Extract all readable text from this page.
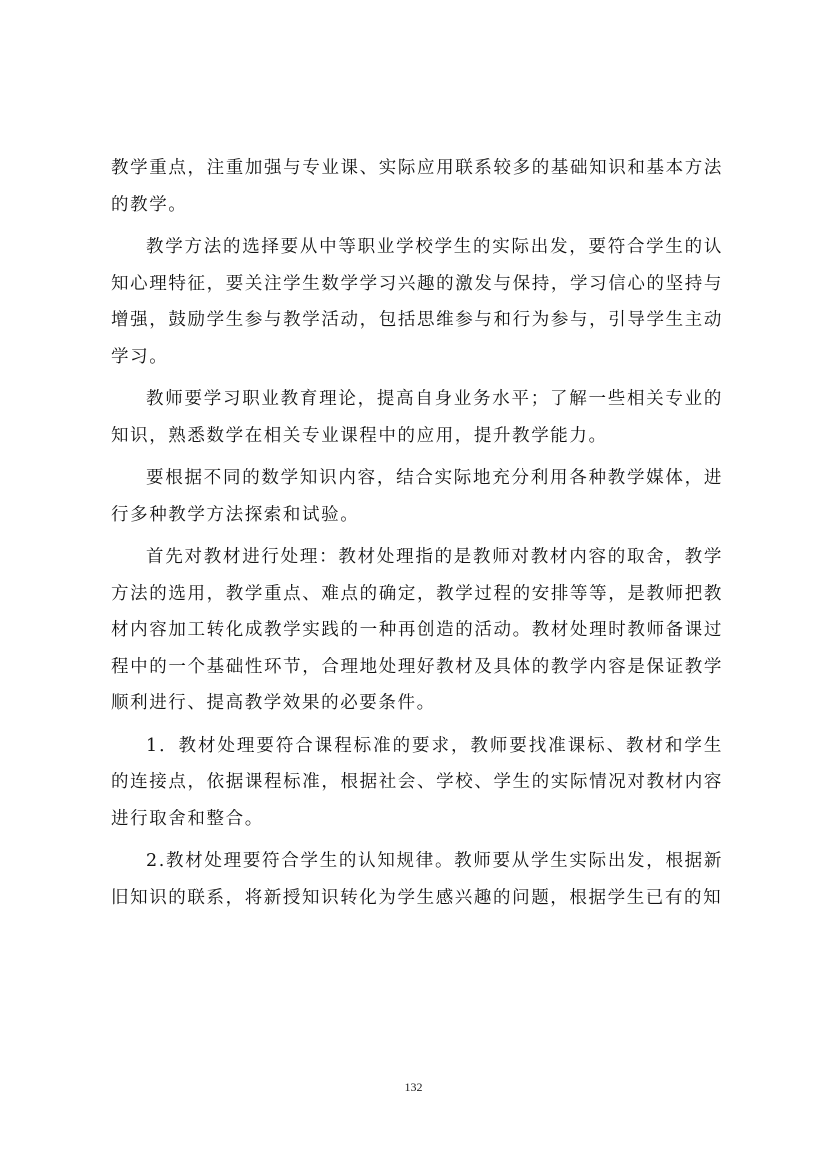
教学重点，注重加强与专业课、实际应用联系较多的基础知识和基本方法的教学。

教学方法的选择要从中等职业学校学生的实际出发，要符合学生的认知心理特征，要关注学生数学学习兴趣的激发与保持，学习信心的坚持与增强，鼓励学生参与教学活动，包括思维参与和行为参与，引导学生主动学习。

教师要学习职业教育理论，提高自身业务水平；了解一些相关专业的知识，熟悉数学在相关专业课程中的应用，提升教学能力。

要根据不同的数学知识内容，结合实际地充分利用各种教学媒体，进行多种教学方法探索和试验。

首先对教材进行处理：教材处理指的是教师对教材内容的取舍，教学方法的选用，教学重点、难点的确定，教学过程的安排等等，是教师把教材内容加工转化成教学实践的一种再创造的活动。教材处理时教师备课过程中的一个基础性环节，合理地处理好教材及具体的教学内容是保证教学顺利进行、提高教学效果的必要条件。

1．教材处理要符合课程标准的要求，教师要找准课标、教材和学生的连接点，依据课程标准，根据社会、学校、学生的实际情况对教材内容进行取舍和整合。

2.教材处理要符合学生的认知规律。教师要从学生实际出发，根据新旧知识的联系，将新授知识转化为学生感兴趣的问题，根据学生已有的知

132
